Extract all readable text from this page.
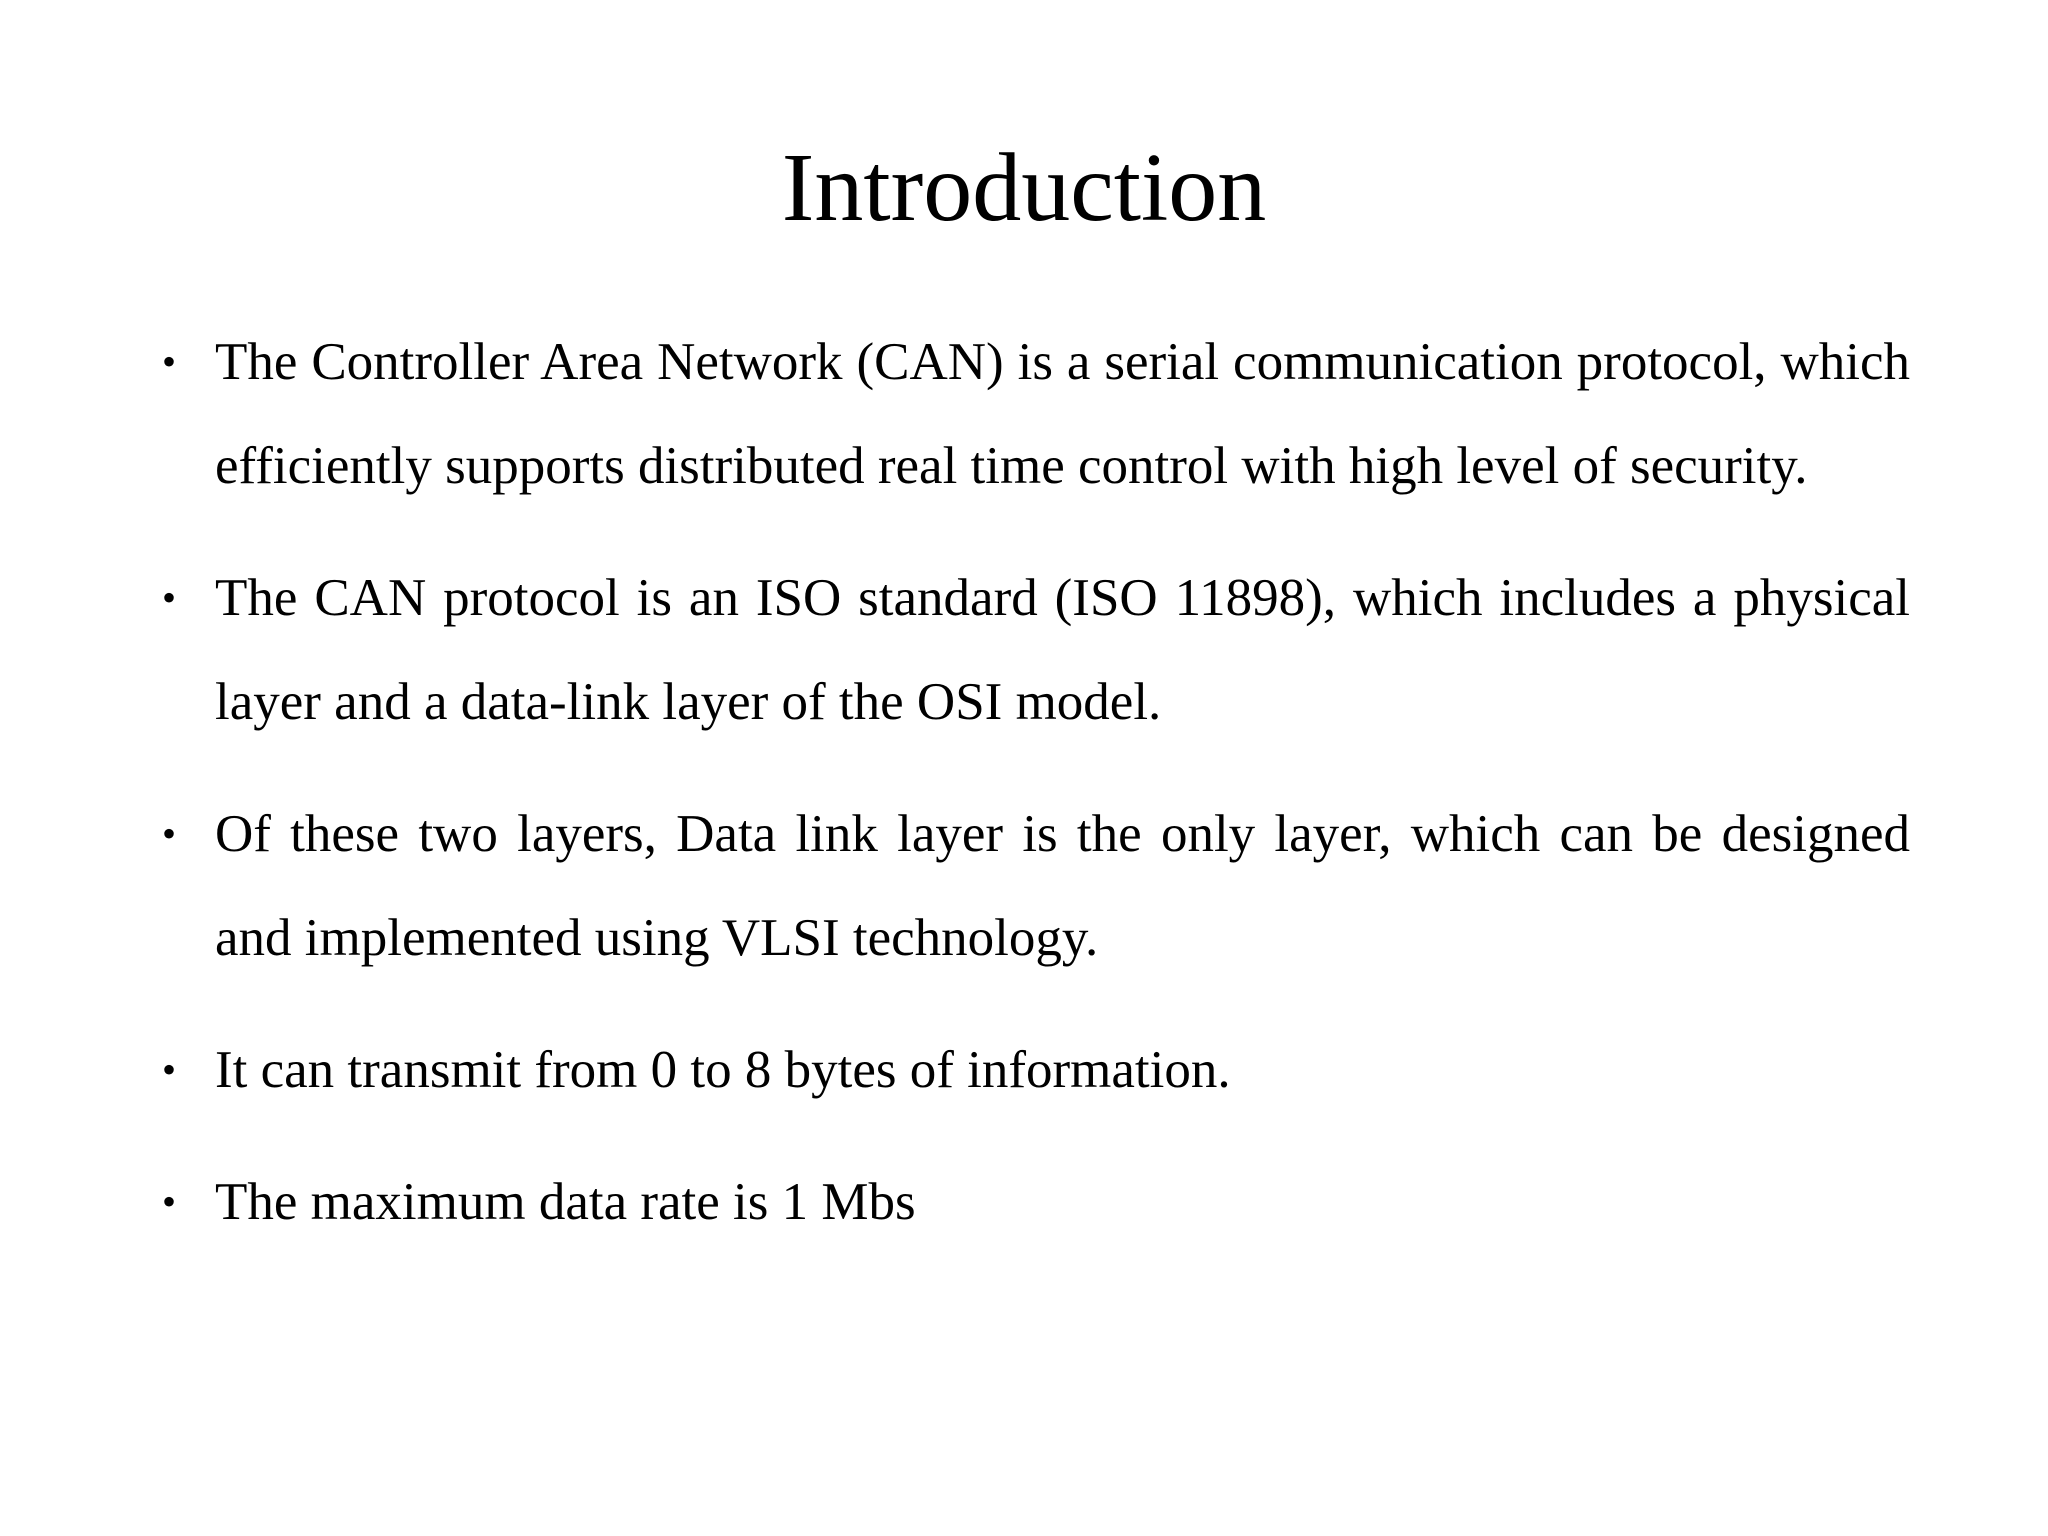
Introduction
• The Controller Area Network (CAN) is a serial communication protocol, which efficiently supports distributed real time control with high level of security.
• The CAN protocol is an ISO standard (ISO 11898), which includes a physical layer and a data-link layer of the OSI model.
• Of these two layers, Data link layer is the only layer, which can be designed and implemented using VLSI technology.
• It can transmit from 0 to 8 bytes of information.
• The maximum data rate is 1 Mbs
